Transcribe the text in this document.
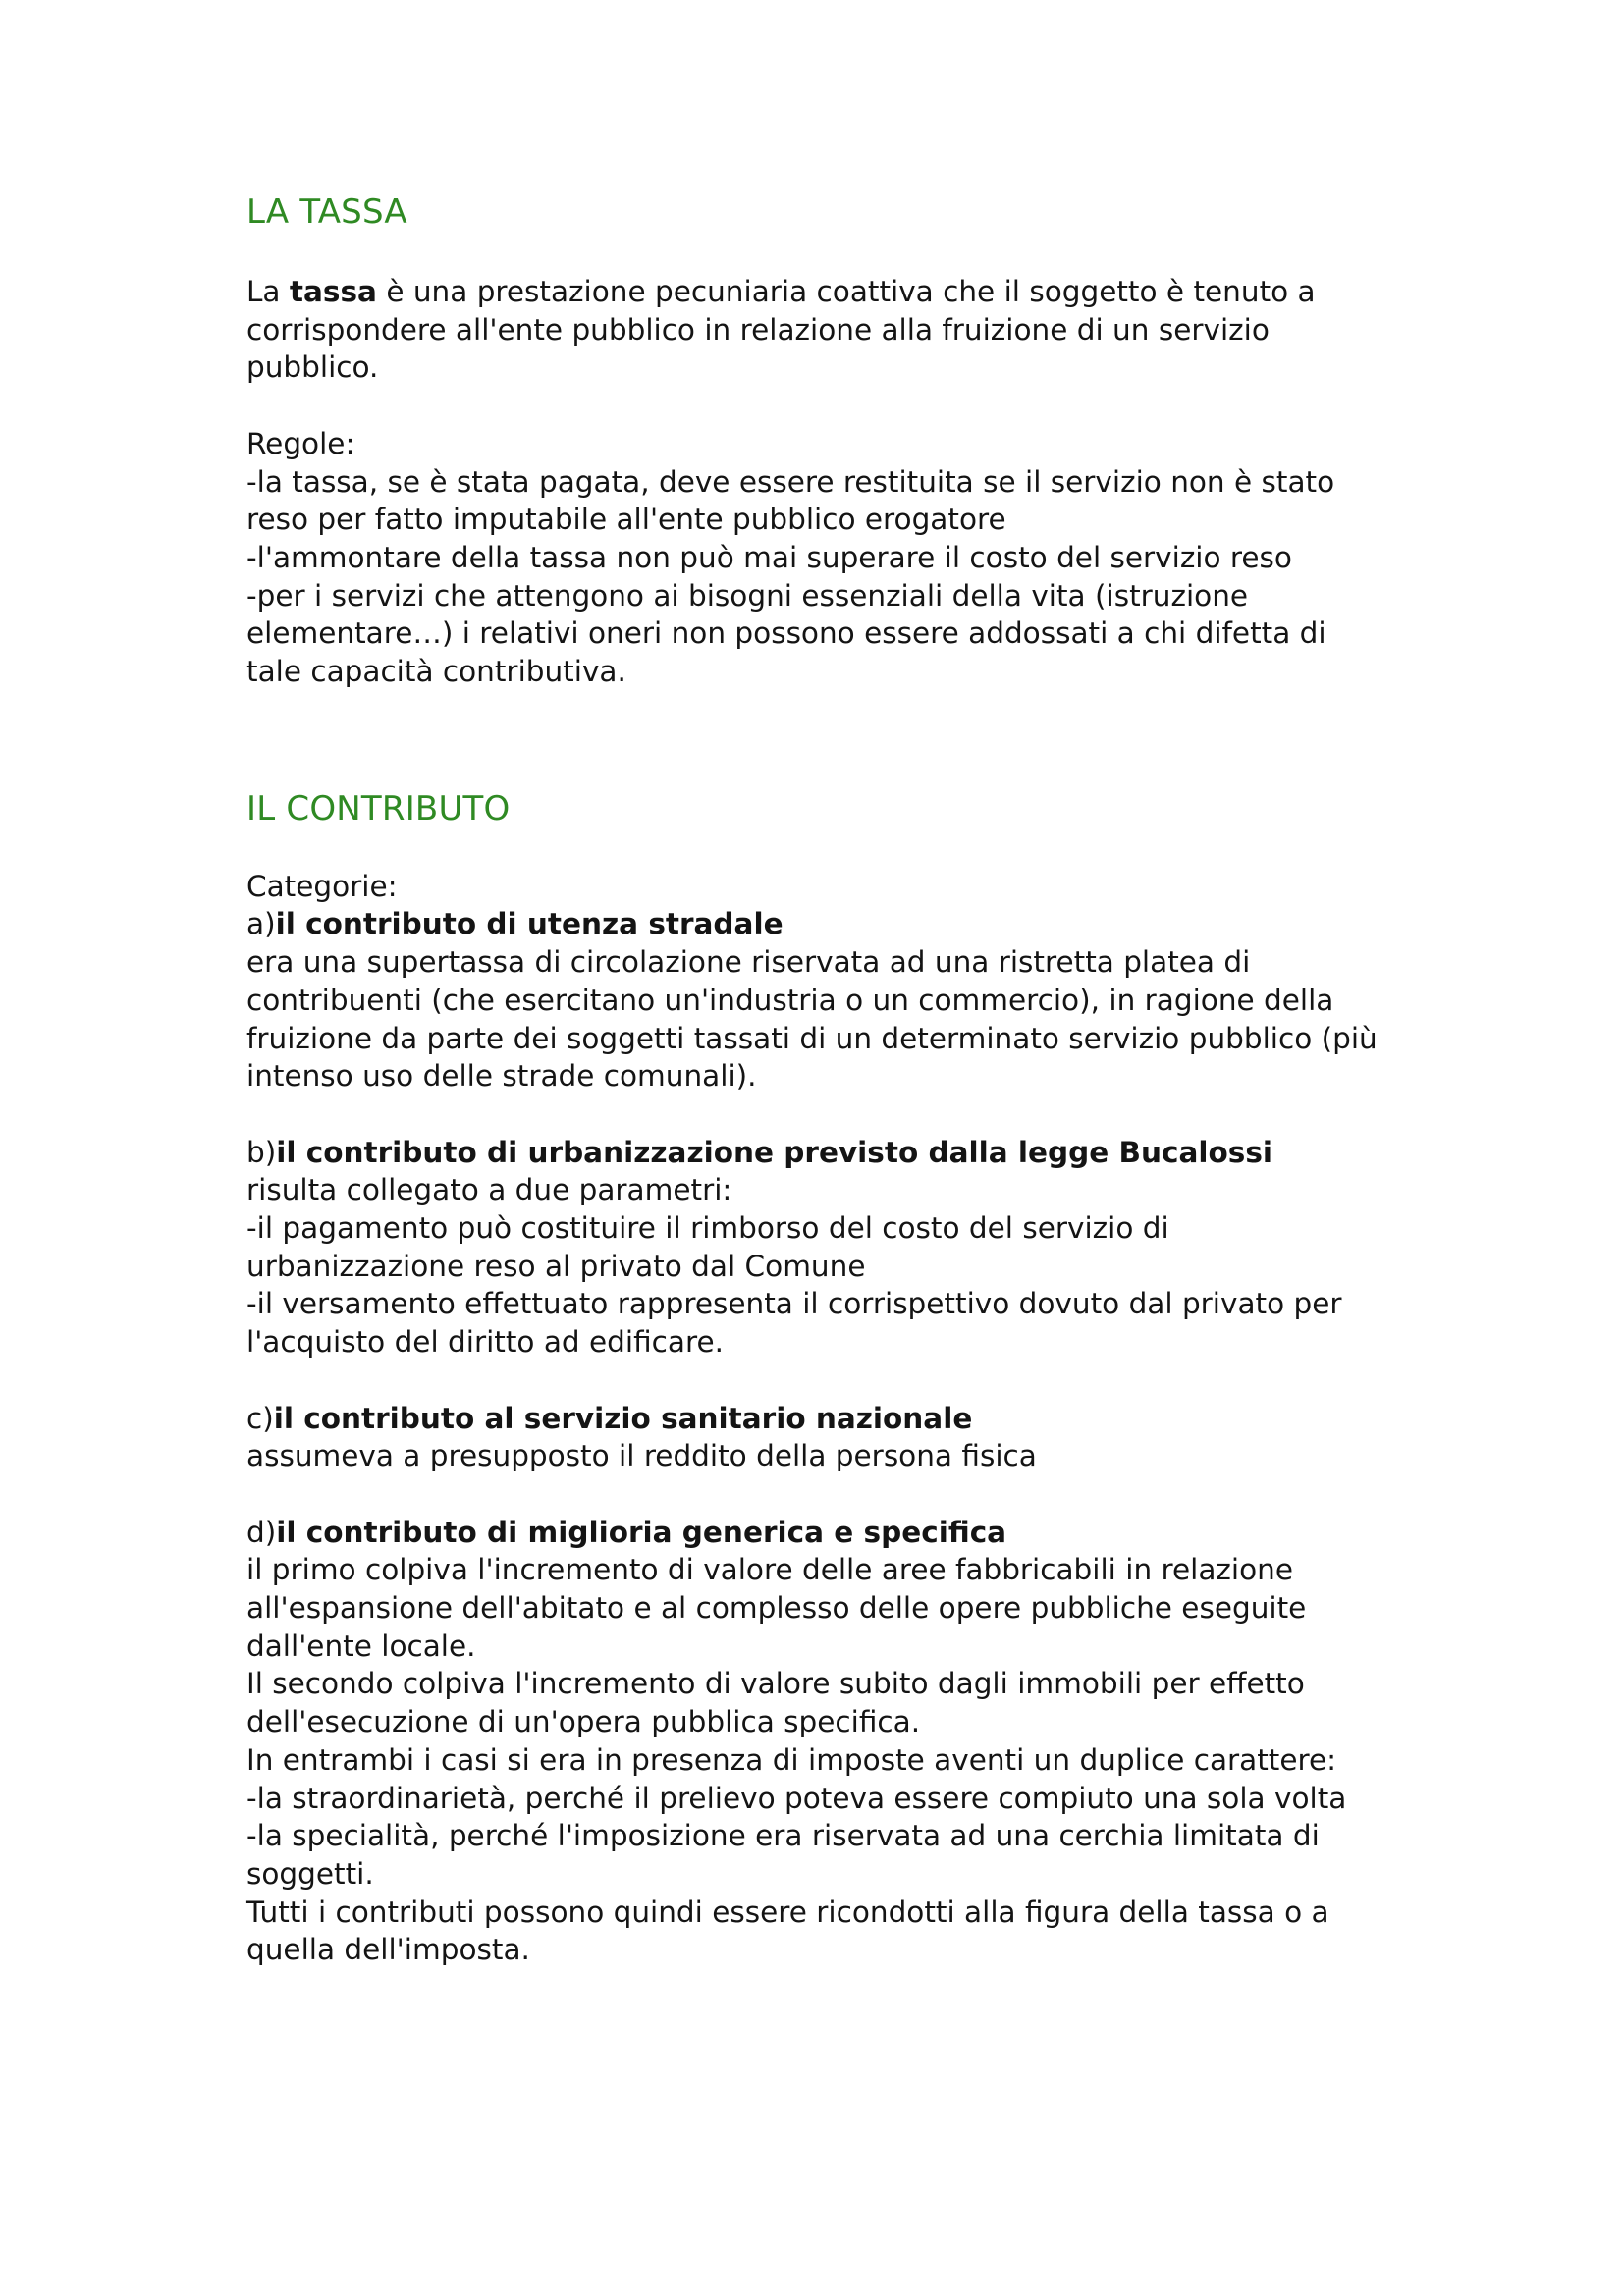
LA TASSA
La tassa è una prestazione pecuniaria coattiva che il soggetto è tenuto a
corrispondere all'ente pubblico in relazione alla fruizione di un servizio
pubblico.
Regole:
-la tassa, se è stata pagata, deve essere restituita se il servizio non è stato
reso per fatto imputabile all'ente pubblico erogatore
-l'ammontare della tassa non può mai superare il costo del servizio reso
-per i servizi che attengono ai bisogni essenziali della vita (istruzione
elementare…) i relativi oneri non possono essere addossati a chi difetta di
tale capacità contributiva.
IL CONTRIBUTO
Categorie:
a)il contributo di utenza stradale
era una supertassa di circolazione riservata ad una ristretta platea di
contribuenti (che esercitano un'industria o un commercio), in ragione della
fruizione da parte dei soggetti tassati di un determinato servizio pubblico (più
intenso uso delle strade comunali).
b)il contributo di urbanizzazione previsto dalla legge Bucalossi
risulta collegato a due parametri:
-il pagamento può costituire il rimborso del costo del servizio di
urbanizzazione reso al privato dal Comune
-il versamento effettuato rappresenta il corrispettivo dovuto dal privato per
l'acquisto del diritto ad edificare.
c)il contributo al servizio sanitario nazionale
assumeva a presupposto il reddito della persona fisica
d)il contributo di miglioria generica e specifica
il primo colpiva l'incremento di valore delle aree fabbricabili in relazione
all'espansione dell'abitato e al complesso delle opere pubbliche eseguite
dall'ente locale.
Il secondo colpiva l'incremento di valore subito dagli immobili per effetto
dell'esecuzione di un'opera pubblica specifica.
In entrambi i casi si era in presenza di imposte aventi un duplice carattere:
-la straordinarietà, perché il prelievo poteva essere compiuto una sola volta
-la specialità, perché l'imposizione era riservata ad una cerchia limitata di
soggetti.
Tutti i contributi possono quindi essere ricondotti alla figura della tassa o a
quella dell'imposta.
